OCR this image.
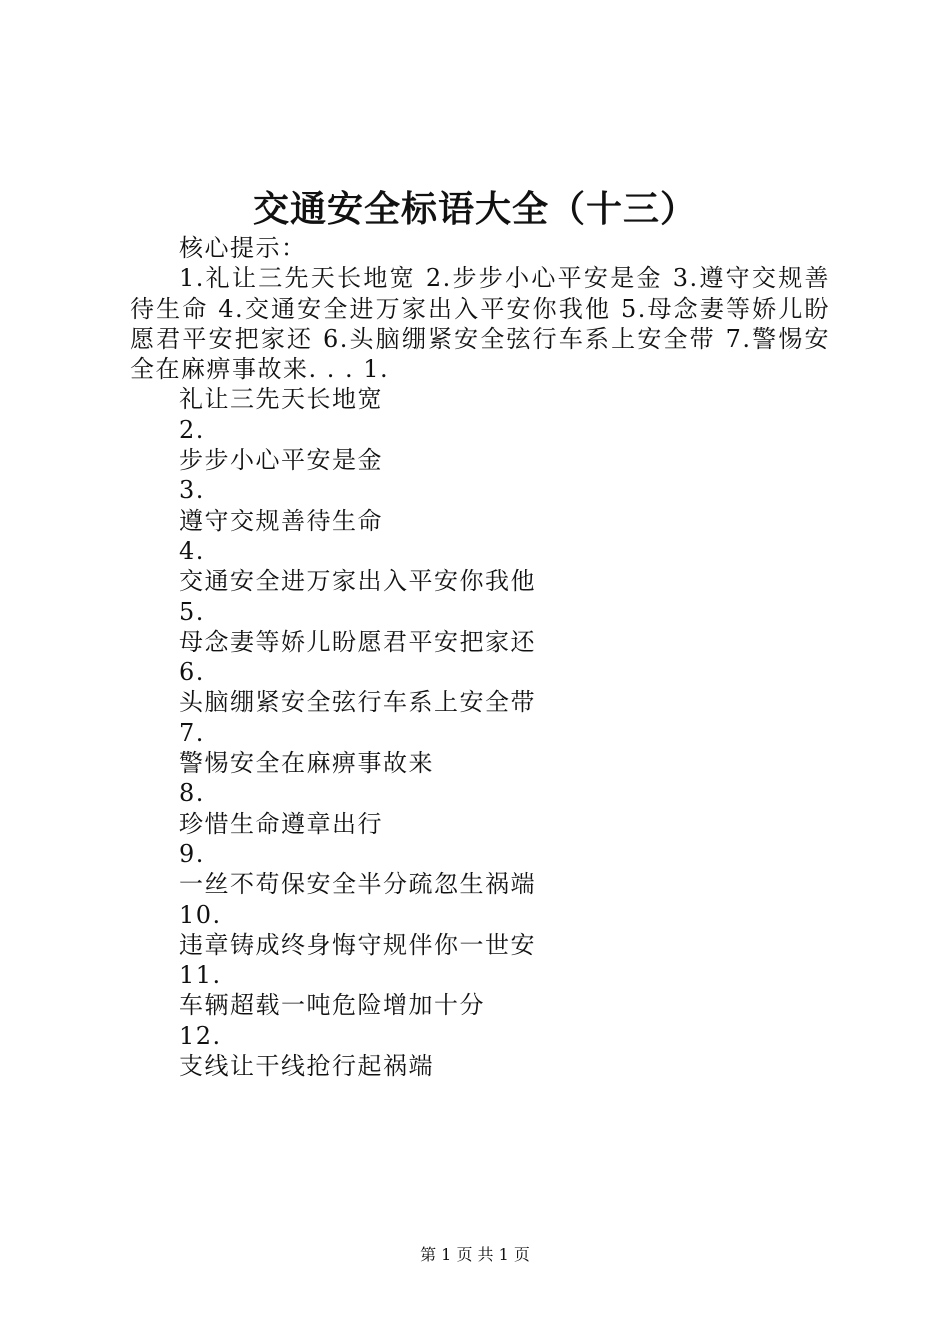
交通安全标语大全（十三）

核心提示：

1.礼让三先天长地宽 2.步步小心平安是金 3.遵守交规善待生命 4.交通安全进万家出入平安你我他 5.母念妻等娇儿盼愿君平安把家还 6.头脑绷紧安全弦行车系上安全带 7.警惕安全在麻痹事故来. . . 1.

礼让三先天长地宽

2.

步步小心平安是金

3.

遵守交规善待生命

4.

交通安全进万家出入平安你我他

5.

母念妻等娇儿盼愿君平安把家还

6.

头脑绷紧安全弦行车系上安全带

7.

警惕安全在麻痹事故来

8.

珍惜生命遵章出行

9.

一丝不苟保安全半分疏忽生祸端

10.

违章铸成终身悔守规伴你一世安

11.

车辆超载一吨危险增加十分

12.

支线让干线抢行起祸端

第 1 页 共 1 页
